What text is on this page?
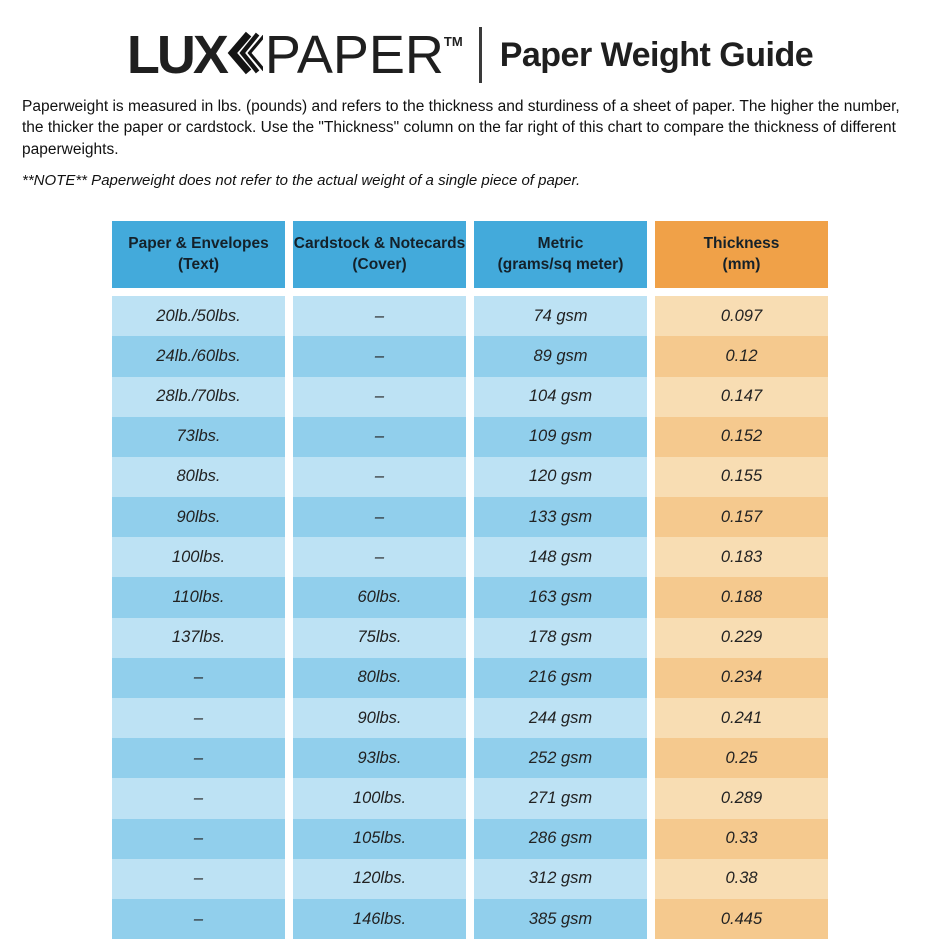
LUX PAPER TM Paper Weight Guide

Paperweight is measured in lbs. (pounds) and refers to the thickness and sturdiness of a sheet of paper. The higher the number, the thicker the paper or cardstock. Use the "Thickness" column on the far right of this chart to compare the thickness of different paperweights.

**NOTE** Paperweight does not refer to the actual weight of a single piece of paper.

Paper & Envelopes
(Text)
Cardstock & Notecards
(Cover)
Metric
(grams/sq meter)
Thickness
(mm)
20lb./50lbs.	–	74 gsm	0.097
24lb./60lbs.	–	89 gsm	0.12
28lb./70lbs.	–	104 gsm	0.147
73lbs.	–	109 gsm	0.152
80lbs.	–	120 gsm	0.155
90lbs.	–	133 gsm	0.157
100lbs.	–	148 gsm	0.183
110lbs.	60lbs.	163 gsm	0.188
137lbs.	75lbs.	178 gsm	0.229
–	80lbs.	216 gsm	0.234
–	90lbs.	244 gsm	0.241
–	93lbs.	252 gsm	0.25
–	100lbs.	271 gsm	0.289
–	105lbs.	286 gsm	0.33
–	120lbs.	312 gsm	0.38
–	146lbs.	385 gsm	0.445
